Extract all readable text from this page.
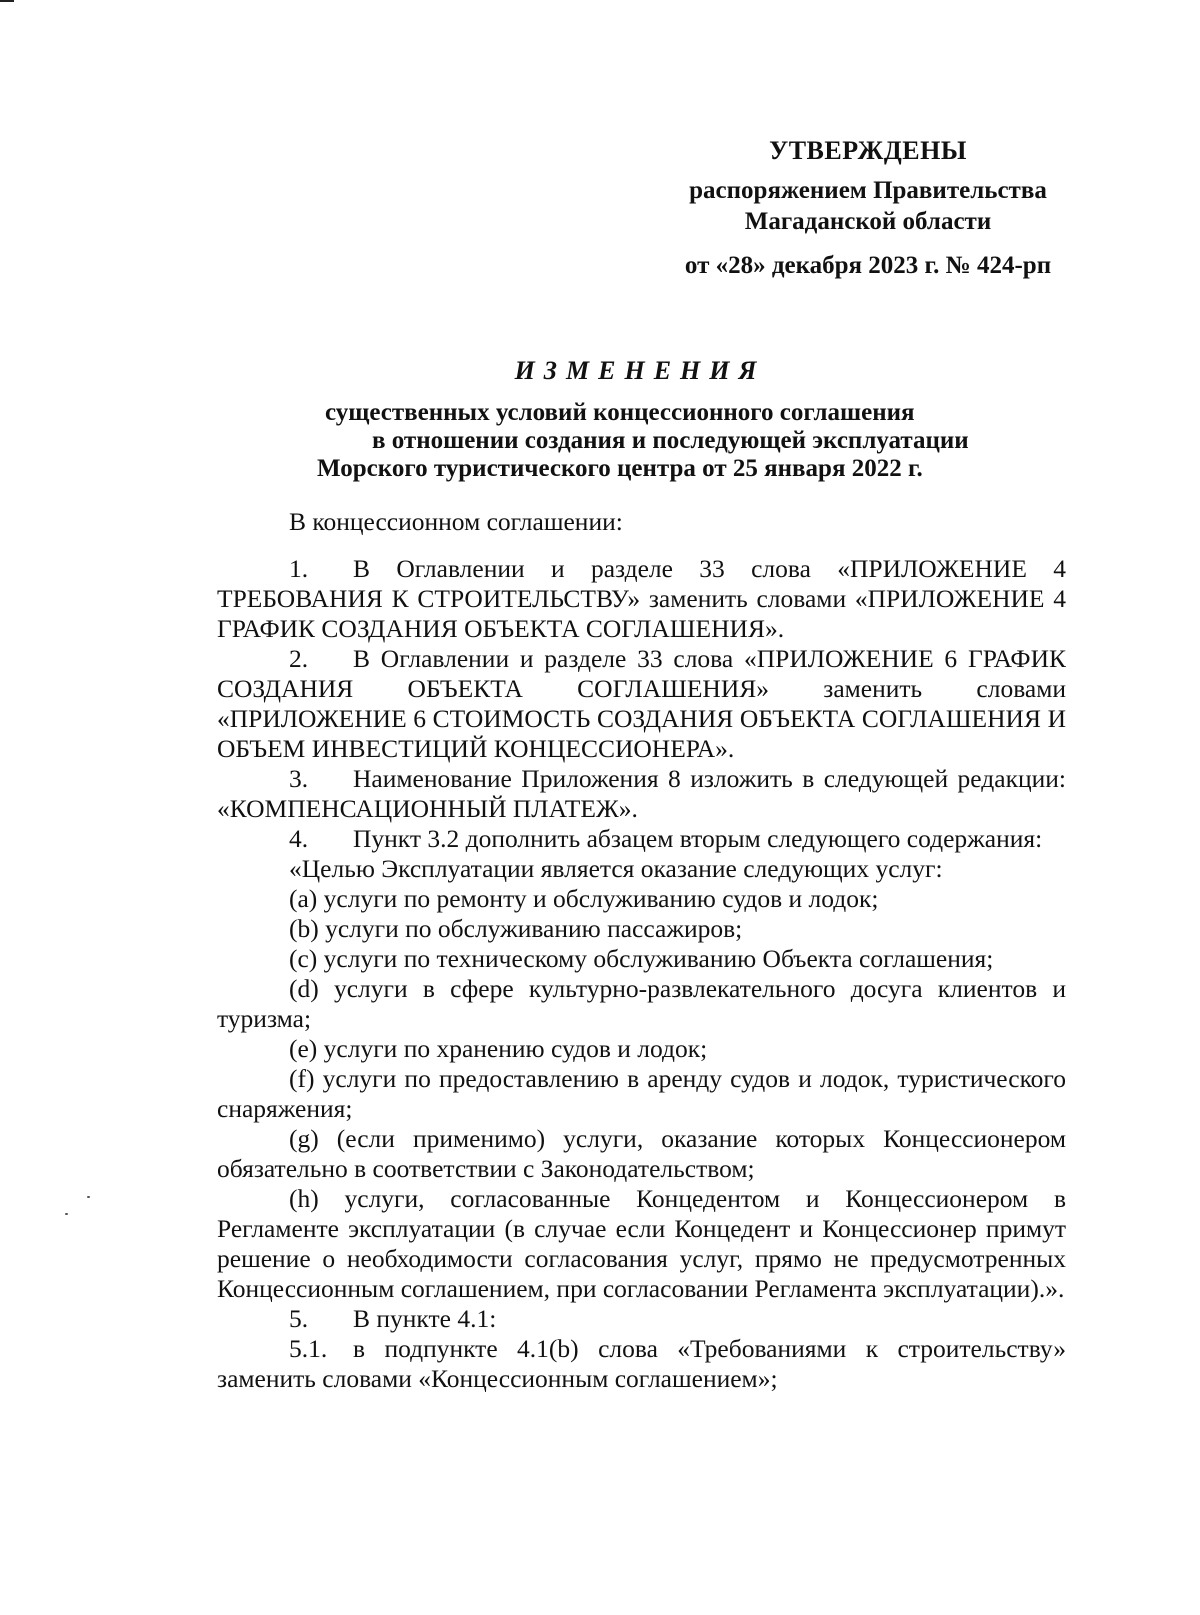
УТВЕРЖДЕНЫ
распоряжением Правительства
Магаданской области
от «28» декабря 2023 г. № 424-рп
ИЗМЕНЕНИЯ
существенных условий концессионного соглашения
в отношении создания и последующей эксплуатации
Морского туристического центра от 25 января 2022 г.

В концессионном соглашении:

1. В Оглавлении и разделе 33 слова «ПРИЛОЖЕНИЕ 4 ТРЕБОВАНИЯ К СТРОИТЕЛЬСТВУ» заменить словами «ПРИЛОЖЕНИЕ 4 ГРАФИК СОЗДАНИЯ ОБЪЕКТА СОГЛАШЕНИЯ».

2. В Оглавлении и разделе 33 слова «ПРИЛОЖЕНИЕ 6 ГРАФИК СОЗДАНИЯ ОБЪЕКТА СОГЛАШЕНИЯ» заменить словами «ПРИЛОЖЕНИЕ 6 СТОИМОСТЬ СОЗДАНИЯ ОБЪЕКТА СОГЛАШЕНИЯ И ОБЪЕМ ИНВЕСТИЦИЙ КОНЦЕССИОНЕРА».

3. Наименование Приложения 8 изложить в следующей редакции: «КОМПЕНСАЦИОННЫЙ ПЛАТЕЖ».

4. Пункт 3.2 дополнить абзацем вторым следующего содержания:

«Целью Эксплуатации является оказание следующих услуг:

(a) услуги по ремонту и обслуживанию судов и лодок;

(b) услуги по обслуживанию пассажиров;

(c) услуги по техническому обслуживанию Объекта соглашения;

(d) услуги в сфере культурно-развлекательного досуга клиентов и туризма;

(e) услуги по хранению судов и лодок;

(f) услуги по предоставлению в аренду судов и лодок, туристического снаряжения;

(g) (если применимо) услуги, оказание которых Концессионером обязательно в соответствии с Законодательством;

(h) услуги, согласованные Концедентом и Концессионером в Регламенте эксплуатации (в случае если Концедент и Концессионер примут решение о необходимости согласования услуг, прямо не предусмотренных Концессионным соглашением, при согласовании Регламента эксплуатации).».

5. В пункте 4.1:

5.1. в подпункте 4.1(b) слова «Требованиями к строительству» заменить словами «Концессионным соглашением»;
